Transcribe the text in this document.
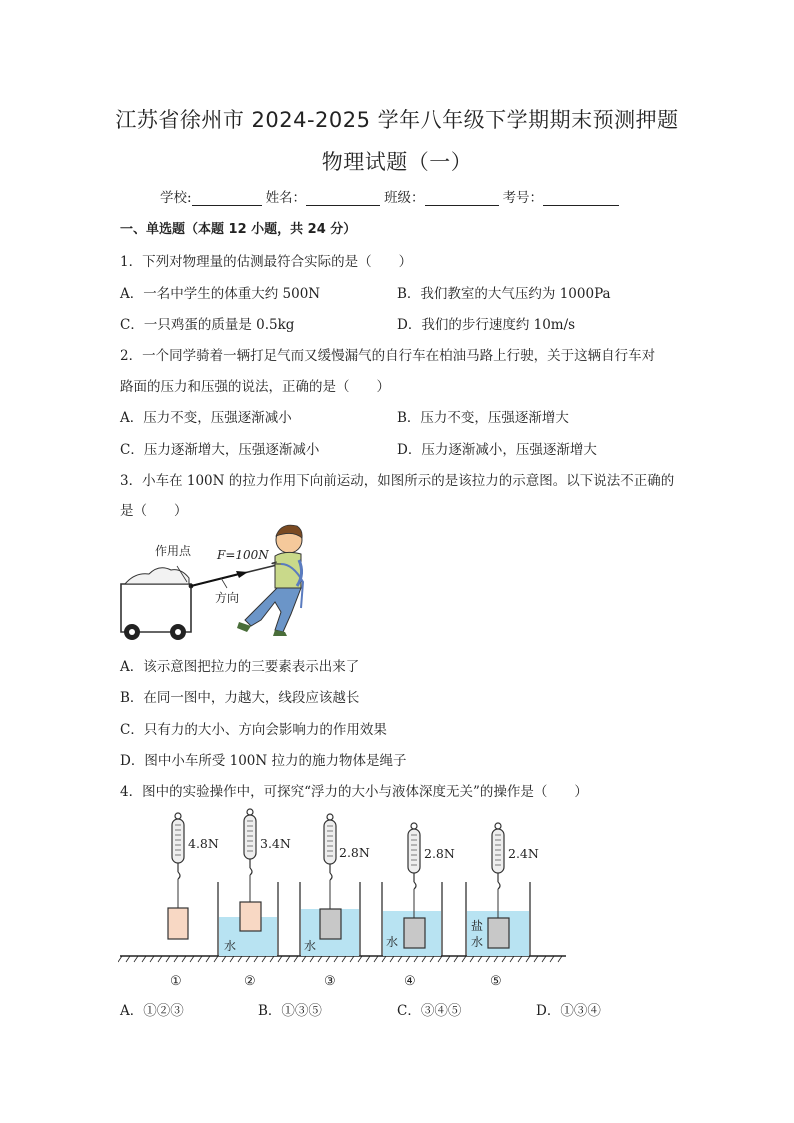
江苏省徐州市 2024-2025 学年八年级下学期期末预测押题
物理试题（一）
学校:	姓名：	班级：	考号：
一、单选题（本题 12 小题，共 24 分）
1．下列对物理量的估测最符合实际的是（　　）
A．一名中学生的体重大约 500N	B．我们教室的大气压约为 1000Pa
C．一只鸡蛋的质量是 0.5kg	D．我们的步行速度约 10m/s
2．一个同学骑着一辆打足气而又缓慢漏气的自行车在柏油马路上行驶，关于这辆自行车对
路面的压力和压强的说法，正确的是（　　）
A．压力不变，压强逐渐减小	B．压力不变，压强逐渐增大
C．压力逐渐增大，压强逐渐减小	D．压力逐渐减小，压强逐渐增大
3．小车在 100N 的拉力作用下向前运动，如图所示的是该拉力的示意图。以下说法不正确的
是（　　）
作用点 F=100N
方向
A．该示意图把拉力的三要素表示出来了
B．在同一图中，力越大，线段应该越长
C．只有力的大小、方向会影响力的作用效果
D．图中小车所受 100N 拉力的施力物体是绳子
4．图中的实验操作中，可探究“浮力的大小与液体深度无关”的操作是（　　）
4.8N	3.4N
水
2.8N
水
2.8N
水
2.4N
盐
水
①	②	③	④	⑤
A．①②③	B．①③⑤	C．③④⑤	D．①③④
